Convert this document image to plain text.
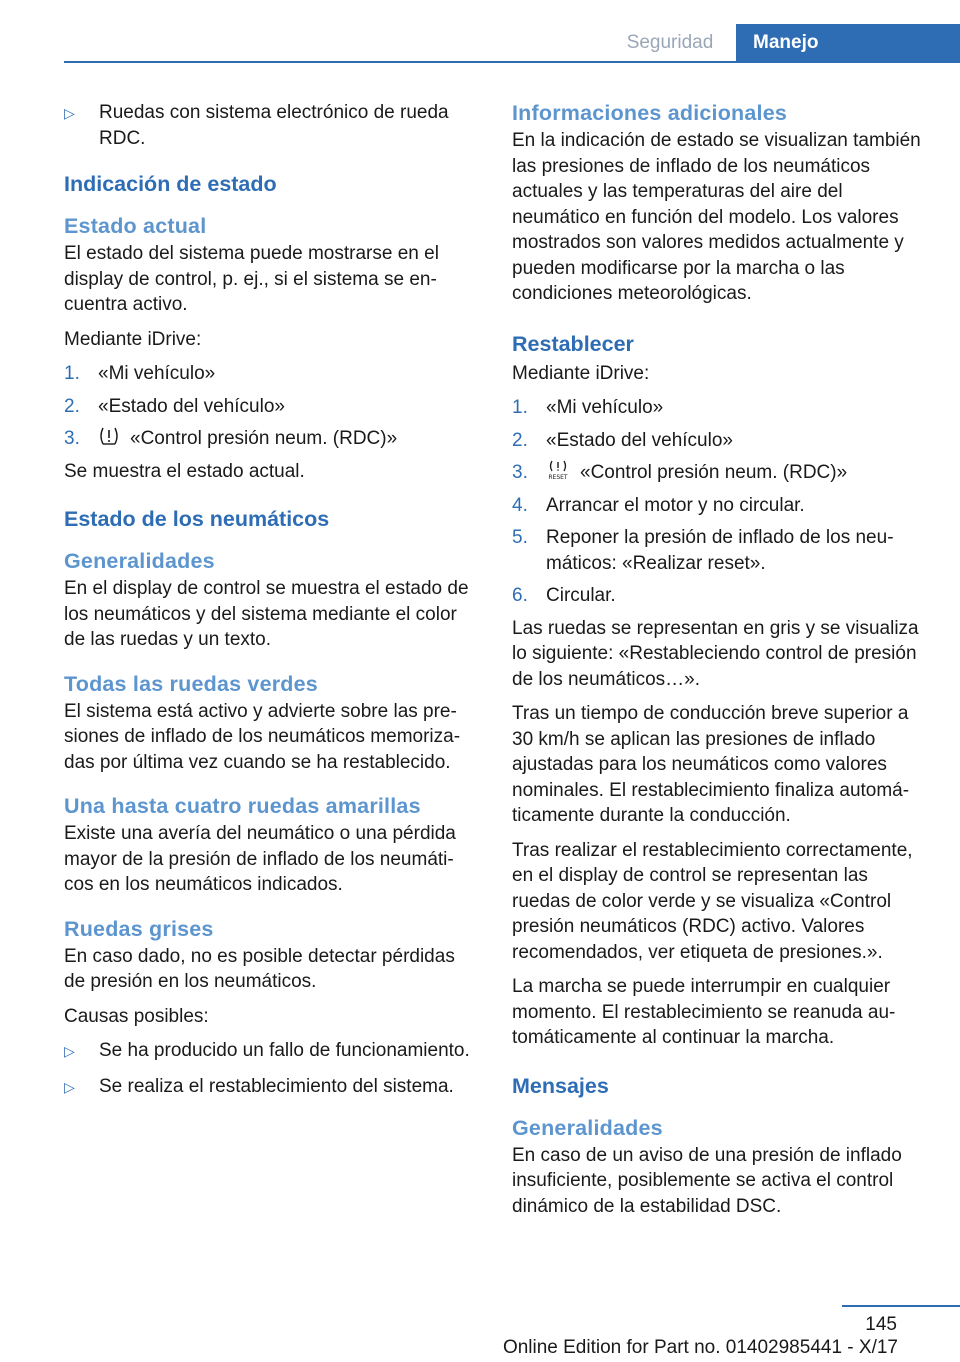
Seguridad	Manejo
▷	Ruedas con sistema electrónico de rueda RDC.
Indicación de estado
Estado actual

El estado del sistema puede mostrarse en el display de control, p. ej., si el sistema se encuentra activo.

Mediante iDrive:

1. «Mi vehículo»
2. «Estado del vehículo»
3.	«Control presión neum. (RDC)»

Se muestra el estado actual.

Estado de los neumáticos
Generalidades

En el display de control se muestra el estado de los neumáticos y del sistema mediante el color de las ruedas y un texto.

Todas las ruedas verdes

El sistema está activo y advierte sobre las presiones de inflado de los neumáticos memorizadas por última vez cuando se ha restablecido.

Una hasta cuatro ruedas amarillas

Existe una avería del neumático o una pérdida mayor de la presión de inflado de los neumáticos en los neumáticos indicados.

Ruedas grises

En caso dado, no es posible detectar pérdidas de presión en los neumáticos.

Causas posibles:

▷	Se ha producido un fallo de funcionamiento.
▷	Se realiza el restablecimiento del sistema.
Informaciones adicionales

En la indicación de estado se visualizan también las presiones de inflado de los neumáticos actuales y las temperaturas del aire del neumático en función del modelo. Los valores mostrados son valores medidos actualmente y pueden modificarse por la marcha o las condiciones meteorológicas.

Restablecer

Mediante iDrive:

1. «Mi vehículo»
2. «Estado del vehículo»
3.	RESET «Control presión neum. (RDC)»
4. Arrancar el motor y no circular.
5. Reponer la presión de inflado de los neumáticos: «Realizar reset».
6. Circular.

Las ruedas se representan en gris y se visualiza lo siguiente: «Restableciendo control de presión de los neumáticos…».

Tras un tiempo de conducción breve superior a 30 km/h se aplican las presiones de inflado ajustadas para los neumáticos como valores nominales. El restablecimiento finaliza automáticamente durante la conducción.

Tras realizar el restablecimiento correctamente, en el display de control se representan las ruedas de color verde y se visualiza «Control presión neumáticos (RDC) activo. Valores recomendados, ver etiqueta de presiones.».

La marcha se puede interrumpir en cualquier momento. El restablecimiento se reanuda automáticamente al continuar la marcha.

Mensajes
Generalidades

En caso de un aviso de una presión de inflado insuficiente, posiblemente se activa el control dinámico de la estabilidad DSC.

145
Online Edition for Part no. 01402985441 - X/17
